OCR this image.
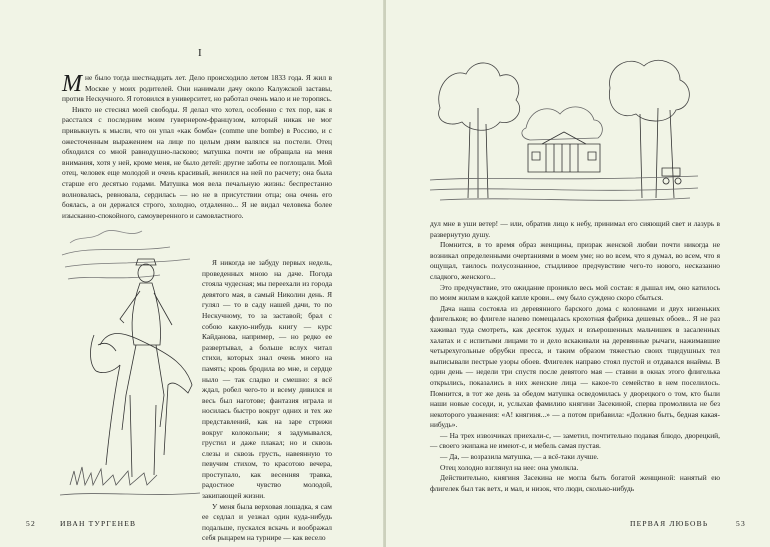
I

Мне было тогда шестнадцать лет. Дело происходило летом 1833 года. Я жил в Москве у моих родителей. Они нанимали дачу около Калужской заставы, против Нескучного. Я готовился в университет, но работал очень мало и не торопясь.

Никто не стеснял моей свободы. Я делал что хотел, особенно с тех пор, как я расстался с последним моим гувернером-французом, который никак не мог привыкнуть к мысли, что он упал «как бомба» (comme une bombe) в Россию, и с ожесточенным выражением на лице по целым дням валялся на постели. Отец обходился со мной равнодушно-ласково; матушка почти не обращала на меня внимания, хотя у ней, кроме меня, не было детей: другие заботы ее поглощали. Мой отец, человек еще молодой и очень красивый, женился на ней по расчету; она была старше его десятью годами. Матушка моя вела печальную жизнь: беспрестанно волновалась, ревновала, сердилась — но не в присутствии отца; она очень его боялась, а он держался строго, холодно, отдаленно... Я не видал человека более изысканно-спокойного, самоуверенного и самовластного.

Я никогда не забуду первых недель, проведенных мною на даче. Погода стояла чудесная; мы переехали из города девятого мая, в самый Николин день. Я гулял — то в саду нашей дачи, то по Нескучному, то за заставой; брал с собою какую-нибудь книгу — курс Кайданова, например, — но редко ее развертывал, а больше вслух читал стихи, которых знал очень много на память; кровь бродила во мне, и сердце ныло — так сладко и смешно: я всё ждал, робел чего-то и всему дивился и весь был наготове; фантазия играла и носилась быстро вокруг одних и тех же представлений, как на заре стрижи вокруг колокольни; я задумывался, грустил и даже плакал; но и сквозь слезы и сквозь грусть, навеянную то певучим стихом, то красотою вечера, проступало, как весенняя травка, радостное чувство молодой, закипающей жизни.

У меня была верховая лошадка, я сам ее седлал и уезжал один куда-нибудь подальше, пускался вскачь и воображал себя рыцарем на турнире — как весело

52	ИВАН ТУРГЕНЕВ

дул мне в уши ветер! — или, обратив лицо к небу, принимал его сияющий свет и лазурь в развернутую душу.

Помнится, в то время образ женщины, призрак женской любви почти никогда не возникал определенными очертаниями в моем уме; но во всем, что я думал, во всем, что я ощущал, таилось полусознанное, стыдливое предчувствие чего-то нового, несказанно сладкого, женского...

Это предчувствие, это ожидание проникло весь мой состав: я дышал им, оно катилось по моим жилам в каждой капле крови... ему было суждено скоро сбыться.

Дача наша состояла из деревянного барского дома с колоннами и двух низеньких флигельков; во флигеле налево помещалась крохотная фабрика дешевых обоев... Я не раз хаживал туда смотреть, как десяток худых и взъерошенных мальчишек в засаленных халатах и с испитыми лицами то и дело вскакивали на деревянные рычаги, нажимавшие четырехугольные обрубки пресса, и таким образом тяжестью своих тщедушных тел выписывали пестрые узоры обоев. Флигелек направо стоял пустой и отдавался внаймы. В один день — недели три спустя после девятого мая — ставни в окнах этого флигелька открылись, показались в них женские лица — какое-то семейство в нем поселилось. Помнится, в тот же день за обедом матушка осведомилась у дворецкого о том, кто были наши новые соседи, и, услыхав фамилию княгини Засекиной, сперва промолвила не без некоторого уважения: «А! княгиня...» — а потом прибавила: «Должно быть, бедная какая-нибудь».

— На трех извозчиках приехали-с, — заметил, почтительно подавая блюдо, дворецкий, — своего экипажа не имеют-с, и мебель самая пустая.

— Да, — возразила матушка, — а всё-таки лучше.

Отец холодно взглянул на нее: она умолкла.

Действительно, княгиня Засекина не могла быть богатой женщиной: нанятый ею флигелек был так ветх, и мал, и низок, что люди, сколько-нибудь

ПЕРВАЯ ЛЮБОВЬ	53
